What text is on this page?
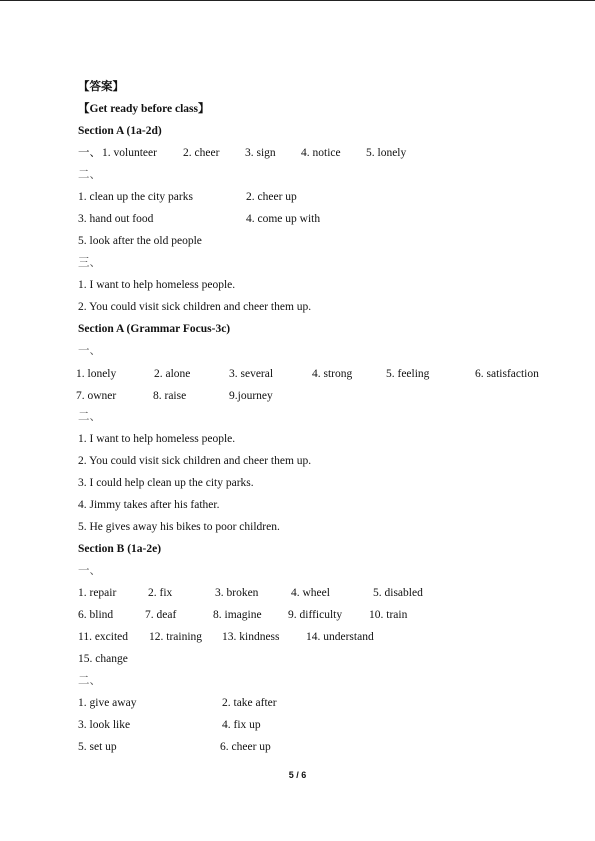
【答案】
【Get ready before class】
Section A (1a-2d)
一、 1. volunteer 2. cheer 3. sign 4. notice 5. lonely
二、
1. clean up the city parks	2. cheer up
3. hand out food	4. come up with
5. look after the old people
三、
1. I want to help homeless people.
2. You could visit sick children and cheer them up.
Section A (Grammar Focus-3c)
一、
1. lonely	2. alone	3. several	4. strong	5. feeling	6. satisfaction
7. owner	8. raise	9.journey
二、
1. I want to help homeless people.
2. You could visit sick children and cheer them up.
3. I could help clean up the city parks.
4. Jimmy takes after his father.
5. He gives away his bikes to poor children.
Section B (1a-2e)
一、
1. repair	2. fix	3. broken	4. wheel	5. disabled
6. blind	7. deaf	8. imagine 9. difficulty 10. train
11. excited 12. training 13. kindness 14. understand
15. change
二、
1. give away	2. take after
3. look like	4. fix up
5. set up	6. cheer up
5 / 6
